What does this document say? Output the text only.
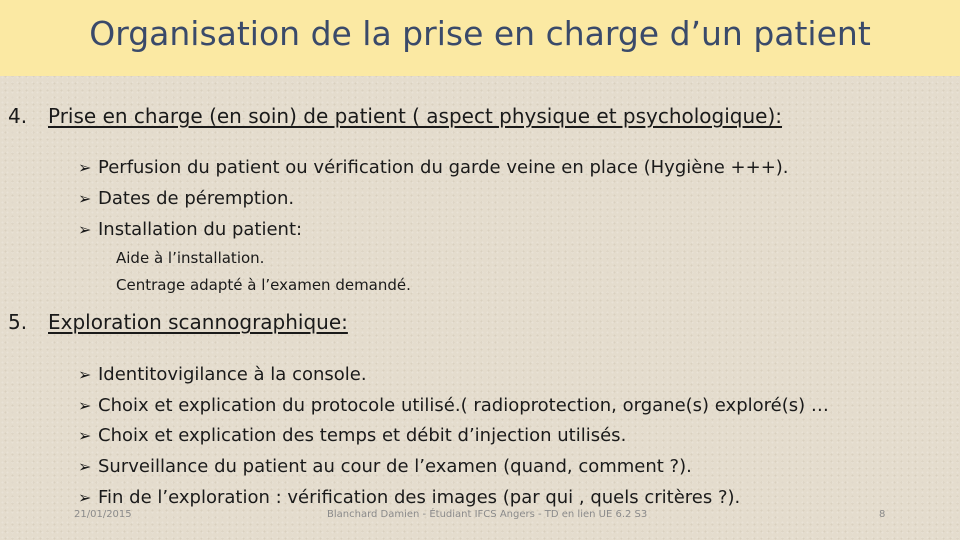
Organisation de la prise en charge d’un patient
4. Prise en charge (en soin) de patient ( aspect physique et psychologique):
➢ Perfusion du patient ou vérification du garde veine en place (Hygiène +++).
➢ Dates de péremption.
➢ Installation du patient:
Aide à l’installation.
Centrage adapté à l’examen demandé.
5. Exploration scannographique:
➢ Identitovigilance à la console.
➢ Choix et explication du protocole utilisé.( radioprotection, organe(s) exploré(s) …
➢ Choix et explication des temps et débit d’injection utilisés.
➢ Surveillance du patient au cour de l’examen (quand, comment ?).
➢ Fin de l’exploration : vérification des images (par qui , quels critères ?).
21/01/2015	Blanchard Damien - Étudiant IFCS Angers - TD en lien UE 6.2 S3	8
